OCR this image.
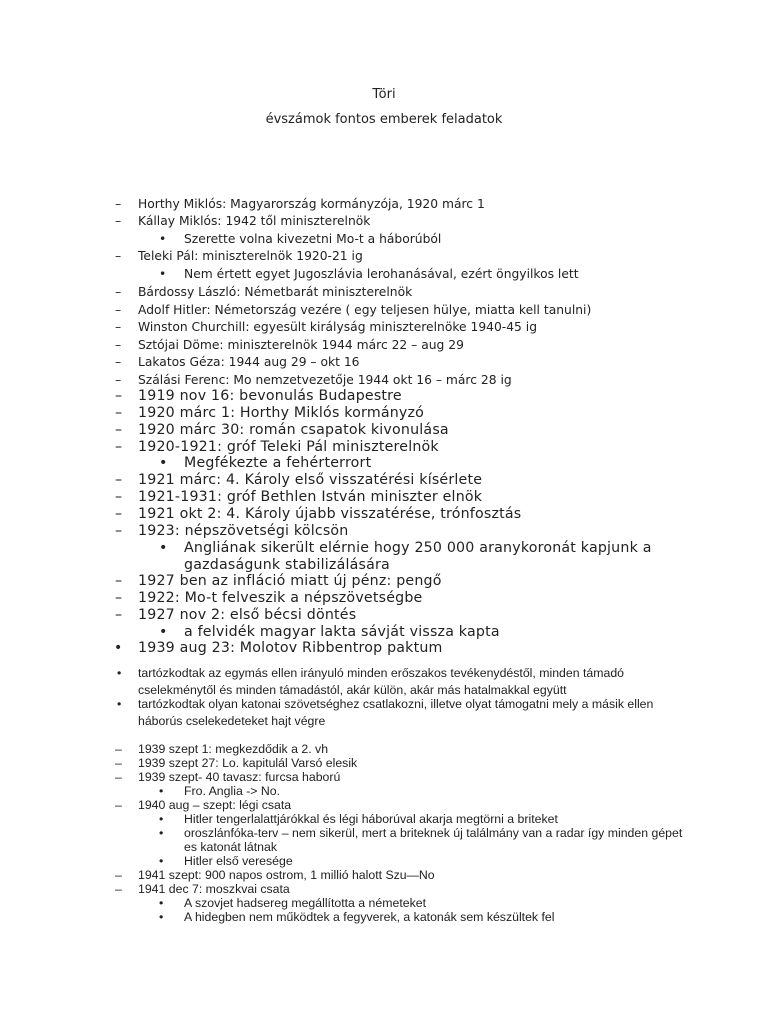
Töri
évszámok fontos emberek feladatok
– Horthy Miklós: Magyarország kormányzója, 1920 márc 1
– Kállay Miklós: 1942 től miniszterelnök
• Szerette volna kivezetni Mo-t a háborúból
– Teleki Pál: miniszterelnök 1920-21 ig
• Nem értett egyet Jugoszlávia lerohanásával, ezért öngyilkos lett
– Bárdossy László: Németbarát miniszterelnök
– Adolf Hitler: Németország vezére ( egy teljesen hülye, miatta kell tanulni)
– Winston Churchill: egyesült királyság miniszterelnöke 1940-45 ig
– Sztójai Döme: miniszterelnök 1944 márc 22 – aug 29
– Lakatos Géza: 1944 aug 29 – okt 16
– Szálási Ferenc: Mo nemzetvezetője 1944 okt 16 – márc 28 ig
– 1919 nov 16: bevonulás Budapestre
– 1920 márc 1: Horthy Miklós kormányzó
– 1920 márc 30: román csapatok kivonulása
– 1920-1921: gróf Teleki Pál miniszterelnök
• Megfékezte a fehérterrort
– 1921 márc: 4. Károly első visszatérési kísérlete
– 1921-1931: gróf Bethlen István miniszter elnök
– 1921 okt 2: 4. Károly újabb visszatérése, trónfosztás
– 1923: népszövetségi kölcsön
• Angliának sikerült elérnie hogy 250 000 aranykoronát kapjunk a gazdaságunk stabilizálására
– 1927 ben az infláció miatt új pénz: pengő
– 1922: Mo-t felveszik a népszövetségbe
– 1927 nov 2: első bécsi döntés
• a felvidék magyar lakta sávját vissza kapta
• 1939 aug 23: Molotov Ribbentrop paktum
• tartózkodtak az egymás ellen irányuló minden erőszakos tevékenydéstől, minden támadó cselekménytől és minden támadástól, akár külön, akár más hatalmakkal együtt
• tartózkodtak olyan katonai szövetséghez csatlakozni, illetve olyat támogatni mely a másik ellen háborús cselekedeteket hajt végre
– 1939 szept 1: megkezdődik a 2. vh
– 1939 szept 27: Lo. kapitulál Varsó elesik
– 1939 szept- 40 tavasz: furcsa haború
• Fro. Anglia -> No.
– 1940 aug – szept: légi csata
• Hitler tengerlalattjárókkal és légi háborúval akarja megtörni a briteket
• oroszlánfóka-terv – nem sikerül, mert a briteknek új találmány van a radar így minden gépet es katonát látnak
• Hitler első veresége
– 1941 szept: 900 napos ostrom, 1 millió halott Szu—No
– 1941 dec 7: moszkvai csata
• A szovjet hadsereg megállította a németeket
• A hidegben nem működtek a fegyverek, a katonák sem készültek fel
